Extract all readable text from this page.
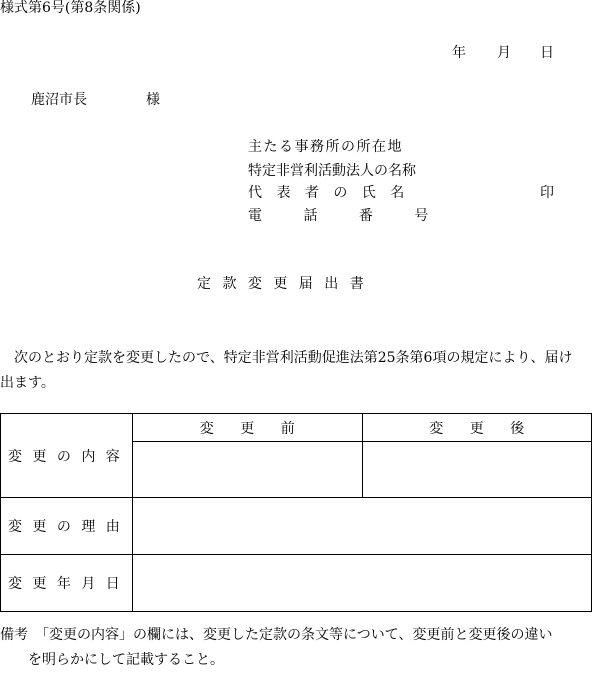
様式第6号(第8条関係)
年 月 日
鹿沼市長	様
主たる事務所の所在地
特定非営利活動法人の名称
代 表 者 の 氏 名	印
電 話 番 号
定 款 変 更 届 出 書
　次のとおり定款を変更したので、特定非営利活動促進法第25条第6項の規定により、届け
出ます。
変 更 の 内 容	変 更 前	変 更 後

変 更 の 理 由		

変 更 年 月 日		

備考　「変更の内容」の欄には、変更した定款の条文等について、変更前と変更後の違い
　　を明らかにして記載すること。
